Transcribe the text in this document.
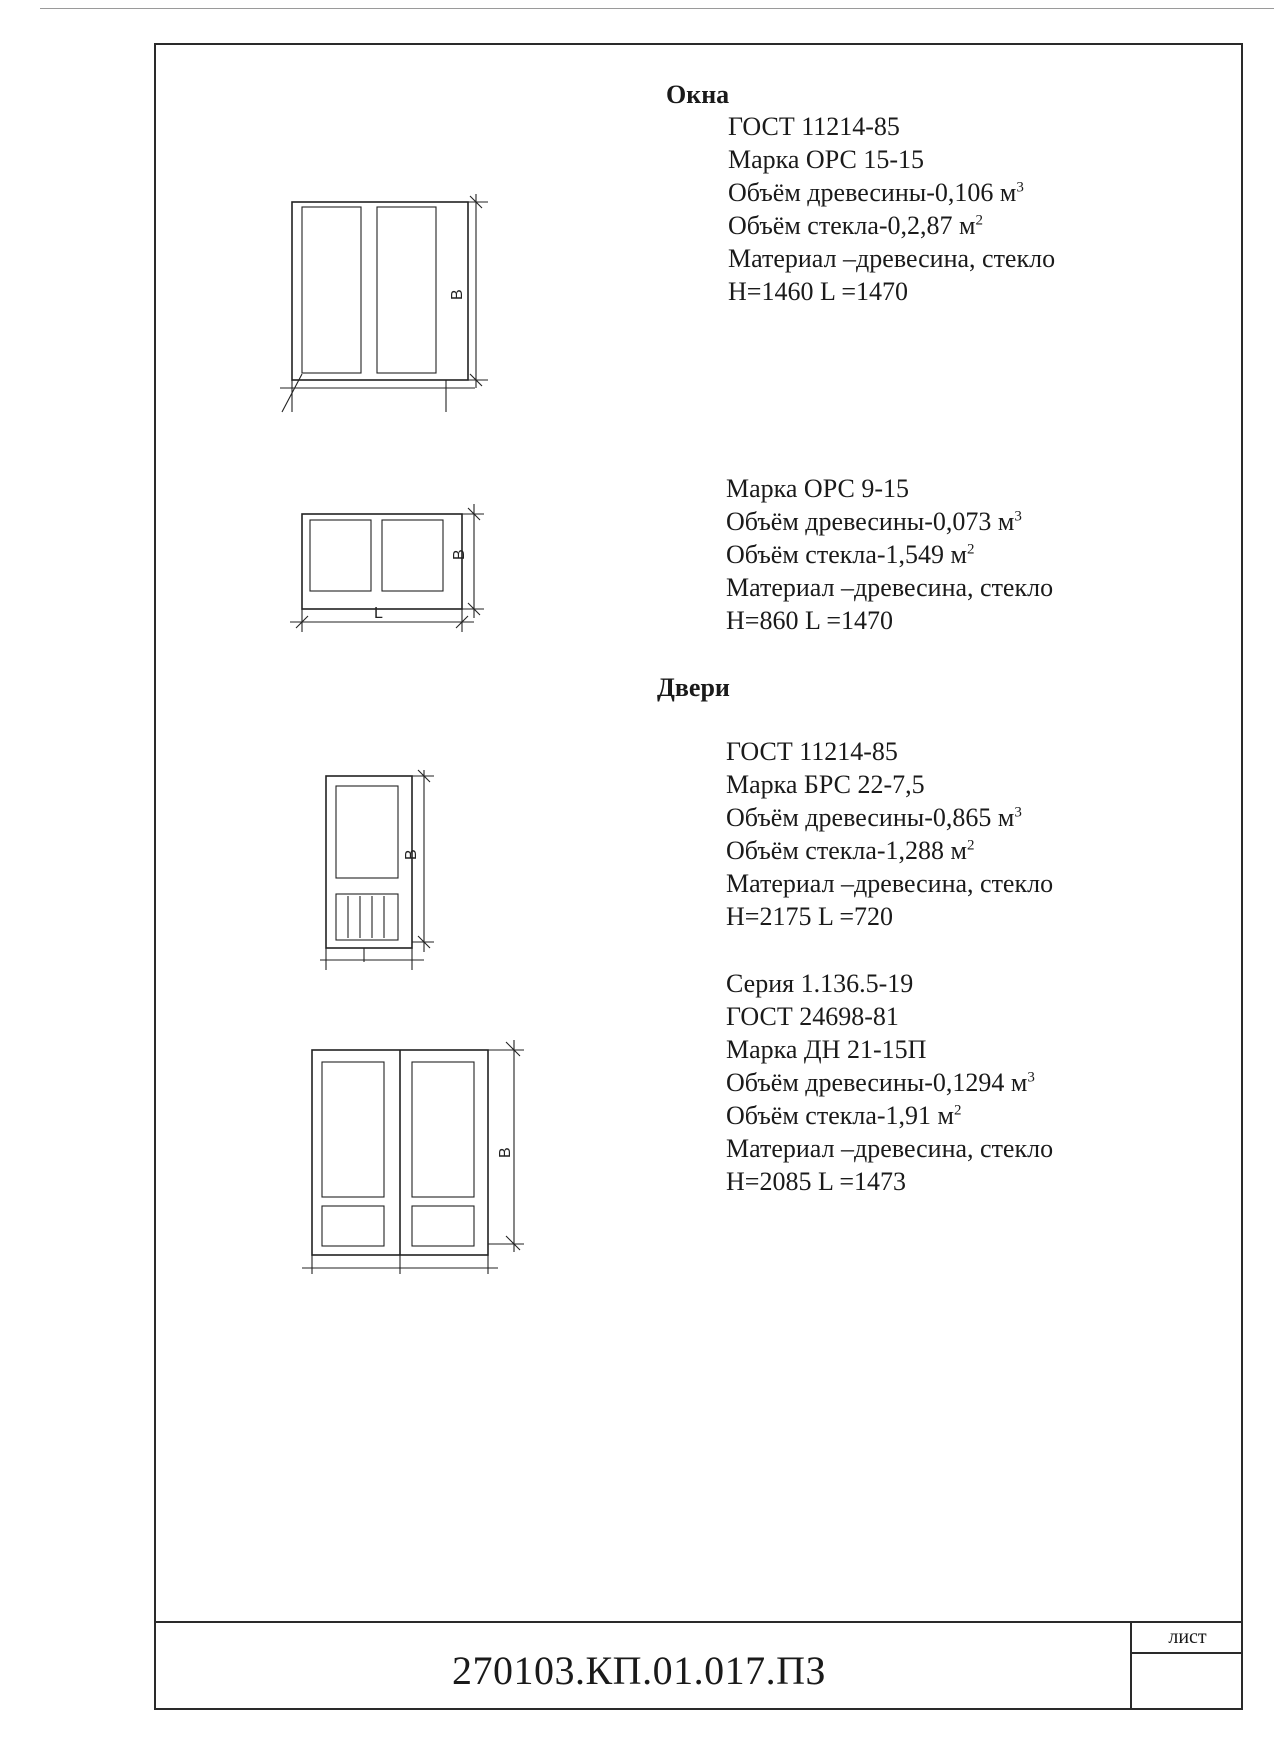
Окна
ГОСТ 11214-85
Марка ОРС 15-15
Объём древесины-0,106 $м^3$
Объём стекла-0,2,87 $м^2$
Материал –древесина, стекло
Н=1460 L =1470
В
Марка ОРС 9-15
Объём древесины-0,073 $м^3$
Объём стекла-1,549 $м^2$
Материал –древесина, стекло
Н=860 L =1470
В
L
Двери
ГОСТ 11214-85
Марка БРС 22-7,5
Объём древесины-0,865 $м^3$
Объём стекла-1,288 $м^2$
Материал –древесина, стекло
Н=2175 L =720
В
Серия 1.136.5-19
ГОСТ 24698-81
Марка ДН 21-15П
Объём древесины-0,1294 $м^3$
Объём стекла-1,91 $м^2$
Материал –древесина, стекло
Н=2085 L =1473
В
270103.КП.01.017.ПЗ
лист
